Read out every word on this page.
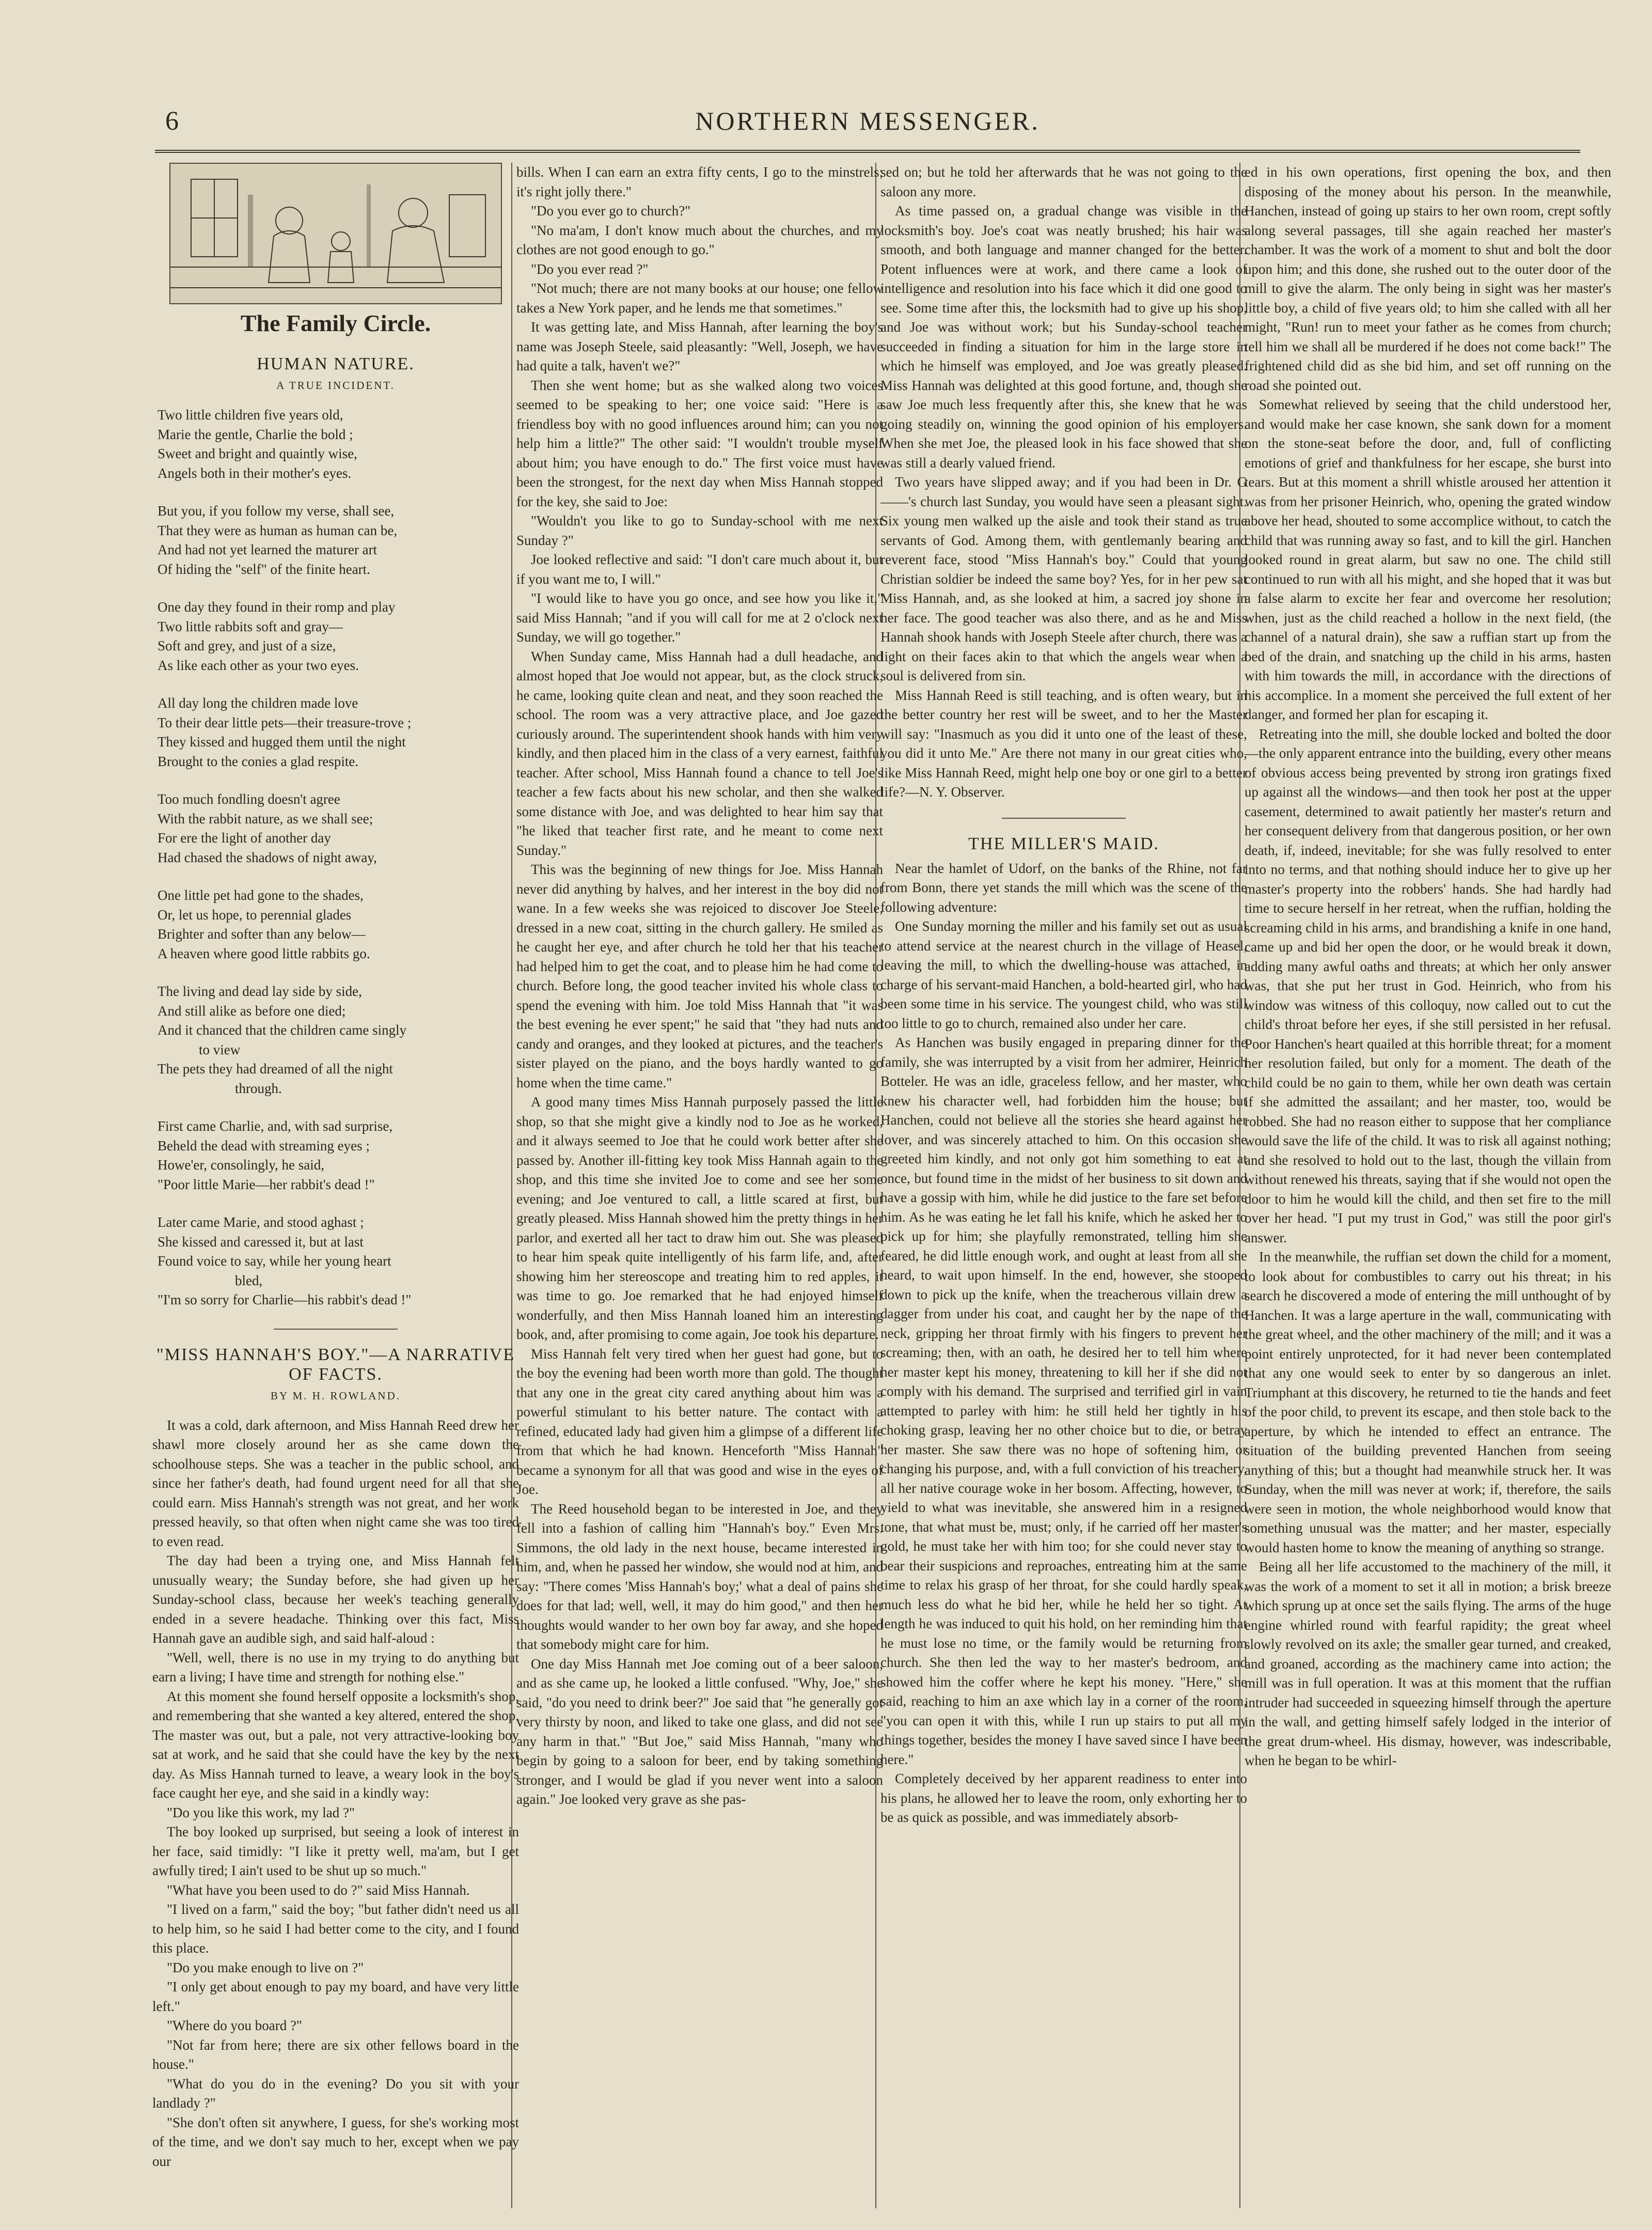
6	NORTHERN MESSENGER.
The Family Circle.
HUMAN NATURE.
A TRUE INCIDENT.
Two little children five years old,
Marie the gentle, Charlie the bold ;
Sweet and bright and quaintly wise,
Angels both in their mother's eyes.
But you, if you follow my verse, shall see,
That they were as human as human can be,
And had not yet learned the maturer art
Of hiding the "self" of the finite heart.
One day they found in their romp and play
Two little rabbits soft and gray—
Soft and grey, and just of a size,
As like each other as your two eyes.
All day long the children made love
To their dear little pets—their treasure-trove ;
They kissed and hugged them until the night
Brought to the conies a glad respite.
Too much fondling doesn't agree
With the rabbit nature, as we shall see;
For ere the light of another day
Had chased the shadows of night away,
One little pet had gone to the shades,
Or, let us hope, to perennial glades
Brighter and softer than any below—
A heaven where good little rabbits go.
The living and dead lay side by side,
And still alike as before one died;
And it chanced that the children came singly
to view
The pets they had dreamed of all the night
through.
First came Charlie, and, with sad surprise,
Beheld the dead with streaming eyes ;
Howe'er, consolingly, he said,
"Poor little Marie—her rabbit's dead !"
Later came Marie, and stood aghast ;
She kissed and caressed it, but at last
Found voice to say, while her young heart
bled,
"I'm so sorry for Charlie—his rabbit's dead !"
"MISS HANNAH'S BOY."—A NARRATIVE OF FACTS.
BY M. H. ROWLAND.

It was a cold, dark afternoon, and Miss Hannah Reed drew her shawl more closely around her as she came down the schoolhouse steps. She was a teacher in the public school, and since her father's death, had found urgent need for all that she could earn. Miss Hannah's strength was not great, and her work pressed heavily, so that often when night came she was too tired to even read.

The day had been a trying one, and Miss Hannah felt unusually weary; the Sunday before, she had given up her Sunday-school class, because her week's teaching generally ended in a severe headache. Thinking over this fact, Miss Hannah gave an audible sigh, and said half-aloud :

"Well, well, there is no use in my trying to do anything but earn a living; I have time and strength for nothing else."

At this moment she found herself opposite a locksmith's shop, and remembering that she wanted a key altered, entered the shop. The master was out, but a pale, not very attractive-looking boy sat at work, and he said that she could have the key by the next day. As Miss Hannah turned to leave, a weary look in the boy's face caught her eye, and she said in a kindly way:

"Do you like this work, my lad ?"

The boy looked up surprised, but seeing a look of interest in her face, said timidly: "I like it pretty well, ma'am, but I get awfully tired; I ain't used to be shut up so much."

"What have you been used to do ?" said Miss Hannah.

"I lived on a farm," said the boy; "but father didn't need us all to help him, so he said I had better come to the city, and I found this place.

"Do you make enough to live on ?"

"I only get about enough to pay my board, and have very little left."

"Where do you board ?"

"Not far from here; there are six other fellows board in the house."

"What do you do in the evening? Do you sit with your landlady ?"

"She don't often sit anywhere, I guess, for she's working most of the time, and we don't say much to her, except when we pay our

bills. When I can earn an extra fifty cents, I go to the minstrels; it's right jolly there."

"Do you ever go to church?"

"No ma'am, I don't know much about the churches, and my clothes are not good enough to go."

"Do you ever read ?"

"Not much; there are not many books at our house; one fellow takes a New York paper, and he lends me that sometimes."

It was getting late, and Miss Hannah, after learning the boy's name was Joseph Steele, said pleasantly: "Well, Joseph, we have had quite a talk, haven't we?"

Then she went home; but as she walked along two voices seemed to be speaking to her; one voice said: "Here is a friendless boy with no good influences around him; can you not help him a little?" The other said: "I wouldn't trouble myself about him; you have enough to do." The first voice must have been the strongest, for the next day when Miss Hannah stopped for the key, she said to Joe:

"Wouldn't you like to go to Sunday-school with me next Sunday ?"

Joe looked reflective and said: "I don't care much about it, but if you want me to, I will."

"I would like to have you go once, and see how you like it," said Miss Hannah; "and if you will call for me at 2 o'clock next Sunday, we will go together."

When Sunday came, Miss Hannah had a dull headache, and almost hoped that Joe would not appear, but, as the clock struck, he came, looking quite clean and neat, and they soon reached the school. The room was a very attractive place, and Joe gazed curiously around. The superintendent shook hands with him very kindly, and then placed him in the class of a very earnest, faithful teacher. After school, Miss Hannah found a chance to tell Joe's teacher a few facts about his new scholar, and then she walked some distance with Joe, and was delighted to hear him say that "he liked that teacher first rate, and he meant to come next Sunday."

This was the beginning of new things for Joe. Miss Hannah never did anything by halves, and her interest in the boy did not wane. In a few weeks she was rejoiced to discover Joe Steele, dressed in a new coat, sitting in the church gallery. He smiled as he caught her eye, and after church he told her that his teacher had helped him to get the coat, and to please him he had come to church. Before long, the good teacher invited his whole class to spend the evening with him. Joe told Miss Hannah that "it was the best evening he ever spent;" he said that "they had nuts and candy and oranges, and they looked at pictures, and the teacher's sister played on the piano, and the boys hardly wanted to go home when the time came."

A good many times Miss Hannah purposely passed the little shop, so that she might give a kindly nod to Joe as he worked, and it always seemed to Joe that he could work better after she passed by. Another ill-fitting key took Miss Hannah again to the shop, and this time she invited Joe to come and see her some evening; and Joe ventured to call, a little scared at first, but greatly pleased. Miss Hannah showed him the pretty things in her parlor, and exerted all her tact to draw him out. She was pleased to hear him speak quite intelligently of his farm life, and, after showing him her stereoscope and treating him to red apples, it was time to go. Joe remarked that he had enjoyed himself wonderfully, and then Miss Hannah loaned him an interesting book, and, after promising to come again, Joe took his departure.

Miss Hannah felt very tired when her guest had gone, but to the boy the evening had been worth more than gold. The thought that any one in the great city cared anything about him was a powerful stimulant to his better nature. The contact with a refined, educated lady had given him a glimpse of a different life from that which he had known. Henceforth "Miss Hannah" became a synonym for all that was good and wise in the eyes of Joe.

The Reed household began to be interested in Joe, and they fell into a fashion of calling him "Hannah's boy." Even Mrs. Simmons, the old lady in the next house, became interested in him, and, when he passed her window, she would nod at him, and say: "There comes 'Miss Hannah's boy;' what a deal of pains she does for that lad; well, well, it may do him good," and then her thoughts would wander to her own boy far away, and she hoped that somebody might care for him.

One day Miss Hannah met Joe coming out of a beer saloon, and as she came up, he looked a little confused. "Why, Joe," she said, "do you need to drink beer?" Joe said that "he generally got very thirsty by noon, and liked to take one glass, and did not see any harm in that." "But Joe," said Miss Hannah, "many who begin by going to a saloon for beer, end by taking something stronger, and I would be glad if you never went into a saloon again." Joe looked very grave as she pas-

sed on; but he told her afterwards that he was not going to the saloon any more.

As time passed on, a gradual change was visible in the locksmith's boy. Joe's coat was neatly brushed; his hair was smooth, and both language and manner changed for the better. Potent influences were at work, and there came a look of intelligence and resolution into his face which it did one good to see. Some time after this, the locksmith had to give up his shop, and Joe was without work; but his Sunday-school teacher succeeded in finding a situation for him in the large store in which he himself was employed, and Joe was greatly pleased. Miss Hannah was delighted at this good fortune, and, though she saw Joe much less frequently after this, she knew that he was going steadily on, winning the good opinion of his employers. When she met Joe, the pleased look in his face showed that she was still a dearly valued friend.

Two years have slipped away; and if you had been in Dr. G——'s church last Sunday, you would have seen a pleasant sight. Six young men walked up the aisle and took their stand as true servants of God. Among them, with gentlemanly bearing and reverent face, stood "Miss Hannah's boy." Could that young Christian soldier be indeed the same boy? Yes, for in her pew sat Miss Hannah, and, as she looked at him, a sacred joy shone in her face. The good teacher was also there, and as he and Miss Hannah shook hands with Joseph Steele after church, there was a light on their faces akin to that which the angels wear when a soul is delivered from sin.

Miss Hannah Reed is still teaching, and is often weary, but in the better country her rest will be sweet, and to her the Master will say: "Inasmuch as you did it unto one of the least of these, you did it unto Me." Are there not many in our great cities who, like Miss Hannah Reed, might help one boy or one girl to a better life?—N. Y. Observer.

THE MILLER'S MAID.

Near the hamlet of Udorf, on the banks of the Rhine, not far from Bonn, there yet stands the mill which was the scene of the following adventure:

One Sunday morning the miller and his family set out as usual to attend service at the nearest church in the village of Heasel, leaving the mill, to which the dwelling-house was attached, in charge of his servant-maid Hanchen, a bold-hearted girl, who had been some time in his service. The youngest child, who was still too little to go to church, remained also under her care.

As Hanchen was busily engaged in preparing dinner for the family, she was interrupted by a visit from her admirer, Heinrich Botteler. He was an idle, graceless fellow, and her master, who knew his character well, had forbidden him the house; but Hanchen, could not believe all the stories she heard against her lover, and was sincerely attached to him. On this occasion she greeted him kindly, and not only got him something to eat at once, but found time in the midst of her business to sit down and have a gossip with him, while he did justice to the fare set before him. As he was eating he let fall his knife, which he asked her to pick up for him; she playfully remonstrated, telling him she feared, he did little enough work, and ought at least from all she heard, to wait upon himself. In the end, however, she stooped down to pick up the knife, when the treacherous villain drew a dagger from under his coat, and caught her by the nape of the neck, gripping her throat firmly with his fingers to prevent her screaming; then, with an oath, he desired her to tell him where her master kept his money, threatening to kill her if she did not comply with his demand. The surprised and terrified girl in vain attempted to parley with him: he still held her tightly in his choking grasp, leaving her no other choice but to die, or betray her master. She saw there was no hope of softening him, or changing his purpose, and, with a full conviction of his treachery, all her native courage woke in her bosom. Affecting, however, to yield to what was inevitable, she answered him in a resigned tone, that what must be, must; only, if he carried off her master's gold, he must take her with him too; for she could never stay to bear their suspicions and reproaches, entreating him at the same time to relax his grasp of her throat, for she could hardly speak, much less do what he bid her, while he held her so tight. At length he was induced to quit his hold, on her reminding him that he must lose no time, or the family would be returning from church. She then led the way to her master's bedroom, and showed him the coffer where he kept his money. "Here," she said, reaching to him an axe which lay in a corner of the room, "you can open it with this, while I run up stairs to put all my things together, besides the money I have saved since I have been here."

Completely deceived by her apparent readiness to enter into his plans, he allowed her to leave the room, only exhorting her to be as quick as possible, and was immediately absorb-

ed in his own operations, first opening the box, and then disposing of the money about his person. In the meanwhile, Hanchen, instead of going up stairs to her own room, crept softly along several passages, till she again reached her master's chamber. It was the work of a moment to shut and bolt the door upon him; and this done, she rushed out to the outer door of the mill to give the alarm. The only being in sight was her master's little boy, a child of five years old; to him she called with all her might, "Run! run to meet your father as he comes from church; tell him we shall all be murdered if he does not come back!" The frightened child did as she bid him, and set off running on the road she pointed out.

Somewhat relieved by seeing that the child understood her, and would make her case known, she sank down for a moment on the stone-seat before the door, and, full of conflicting emotions of grief and thankfulness for her escape, she burst into tears. But at this moment a shrill whistle aroused her attention it was from her prisoner Heinrich, who, opening the grated window above her head, shouted to some accomplice without, to catch the child that was running away so fast, and to kill the girl. Hanchen looked round in great alarm, but saw no one. The child still continued to run with all his might, and she hoped that it was but a false alarm to excite her fear and overcome her resolution; when, just as the child reached a hollow in the next field, (the channel of a natural drain), she saw a ruffian start up from the bed of the drain, and snatching up the child in his arms, hasten with him towards the mill, in accordance with the directions of his accomplice. In a moment she perceived the full extent of her danger, and formed her plan for escaping it.

Retreating into the mill, she double locked and bolted the door—the only apparent entrance into the building, every other means of obvious access being prevented by strong iron gratings fixed up against all the windows—and then took her post at the upper casement, determined to await patiently her master's return and her consequent delivery from that dangerous position, or her own death, if, indeed, inevitable; for she was fully resolved to enter into no terms, and that nothing should induce her to give up her master's property into the robbers' hands. She had hardly had time to secure herself in her retreat, when the ruffian, holding the screaming child in his arms, and brandishing a knife in one hand, came up and bid her open the door, or he would break it down, adding many awful oaths and threats; at which her only answer was, that she put her trust in God. Heinrich, who from his window was witness of this colloquy, now called out to cut the child's throat before her eyes, if she still persisted in her refusal. Poor Hanchen's heart quailed at this horrible threat; for a moment her resolution failed, but only for a moment. The death of the child could be no gain to them, while her own death was certain if she admitted the assailant; and her master, too, would be robbed. She had no reason either to suppose that her compliance would save the life of the child. It was to risk all against nothing; and she resolved to hold out to the last, though the villain from without renewed his threats, saying that if she would not open the door to him he would kill the child, and then set fire to the mill over her head. "I put my trust in God," was still the poor girl's answer.

In the meanwhile, the ruffian set down the child for a moment, to look about for combustibles to carry out his threat; in his search he discovered a mode of entering the mill unthought of by Hanchen. It was a large aperture in the wall, communicating with the great wheel, and the other machinery of the mill; and it was a point entirely unprotected, for it had never been contemplated that any one would seek to enter by so dangerous an inlet. Triumphant at this discovery, he returned to tie the hands and feet of the poor child, to prevent its escape, and then stole back to the aperture, by which he intended to effect an entrance. The situation of the building prevented Hanchen from seeing anything of this; but a thought had meanwhile struck her. It was Sunday, when the mill was never at work; if, therefore, the sails were seen in motion, the whole neighborhood would know that something unusual was the matter; and her master, especially would hasten home to know the meaning of anything so strange.

Being all her life accustomed to the machinery of the mill, it was the work of a moment to set it all in motion; a brisk breeze which sprung up at once set the sails flying. The arms of the huge engine whirled round with fearful rapidity; the great wheel slowly revolved on its axle; the smaller gear turned, and creaked, and groaned, according as the machinery came into action; the mill was in full operation. It was at this moment that the ruffian intruder had succeeded in squeezing himself through the aperture in the wall, and getting himself safely lodged in the interior of the great drum-wheel. His dismay, however, was indescribable, when he began to be whirl-
